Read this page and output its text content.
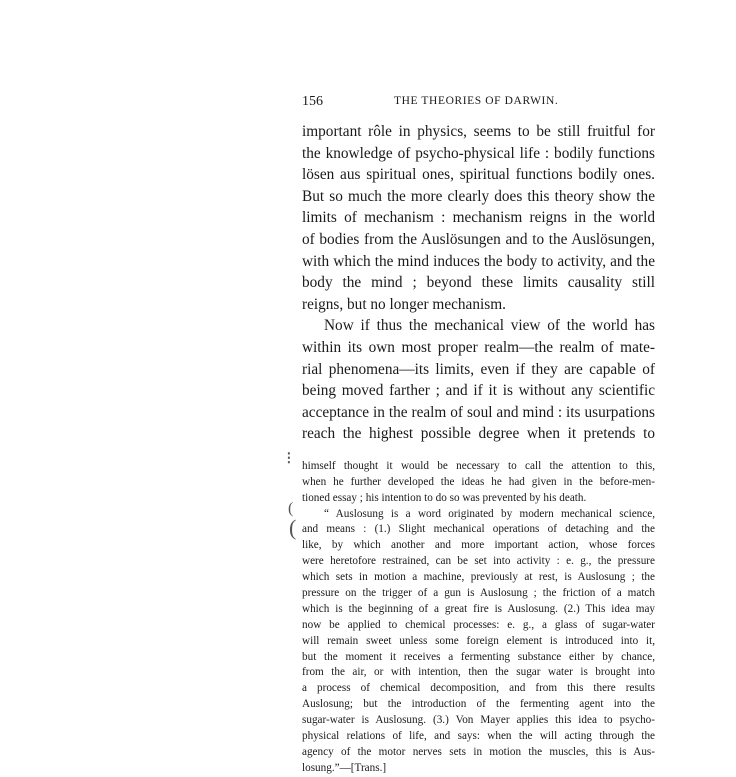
156	THE THEORIES OF DARWIN.
important rôle in physics, seems to be still fruitful for
the knowledge of psycho-physical life : bodily functions
lösen aus spiritual ones, spiritual functions bodily ones.
But so much the more clearly does this theory show the
limits of mechanism : mechanism reigns in the world
of bodies from the Auslösungen and to the Auslösungen,
with which the mind induces the body to activity, and the
body the mind ; beyond these limits causality still
reigns, but no longer mechanism.
Now if thus the mechanical view of the world has
within its own most proper realm—the realm of mate-
rial phenomena—its limits, even if they are capable of
being moved farther ; and if it is without any scientific
acceptance in the realm of soul and mind : its usurpations
reach the highest possible degree when it pretends to
himself thought it would be necessary to call the attention to this,
when he further developed the ideas he had given in the before-men-
tioned essay ; his intention to do so was prevented by his death.
“ Auslosung is a word originated by modern mechanical science,
and means : (1.) Slight mechanical operations of detaching and the
like, by which another and more important action, whose forces
were heretofore restrained, can be set into activity : e. g., the pressure
which sets in motion a machine, previously at rest, is Auslosung ; the
pressure on the trigger of a gun is Auslosung ; the friction of a match
which is the beginning of a great fire is Auslosung. (2.) This idea may
now be applied to chemical processes: e. g., a glass of sugar-water
will remain sweet unless some foreign element is introduced into it,
but the moment it receives a fermenting substance either by chance,
from the air, or with intention, then the sugar water is brought into
a process of chemical decomposition, and from this there results
Auslosung; but the introduction of the fermenting agent into the
sugar-water is Auslosung. (3.) Von Mayer applies this idea to psycho-
physical relations of life, and says: when the will acting through the
agency of the motor nerves sets in motion the muscles, this is Aus-
losung.”—[Trans.]
⁝
(
(
